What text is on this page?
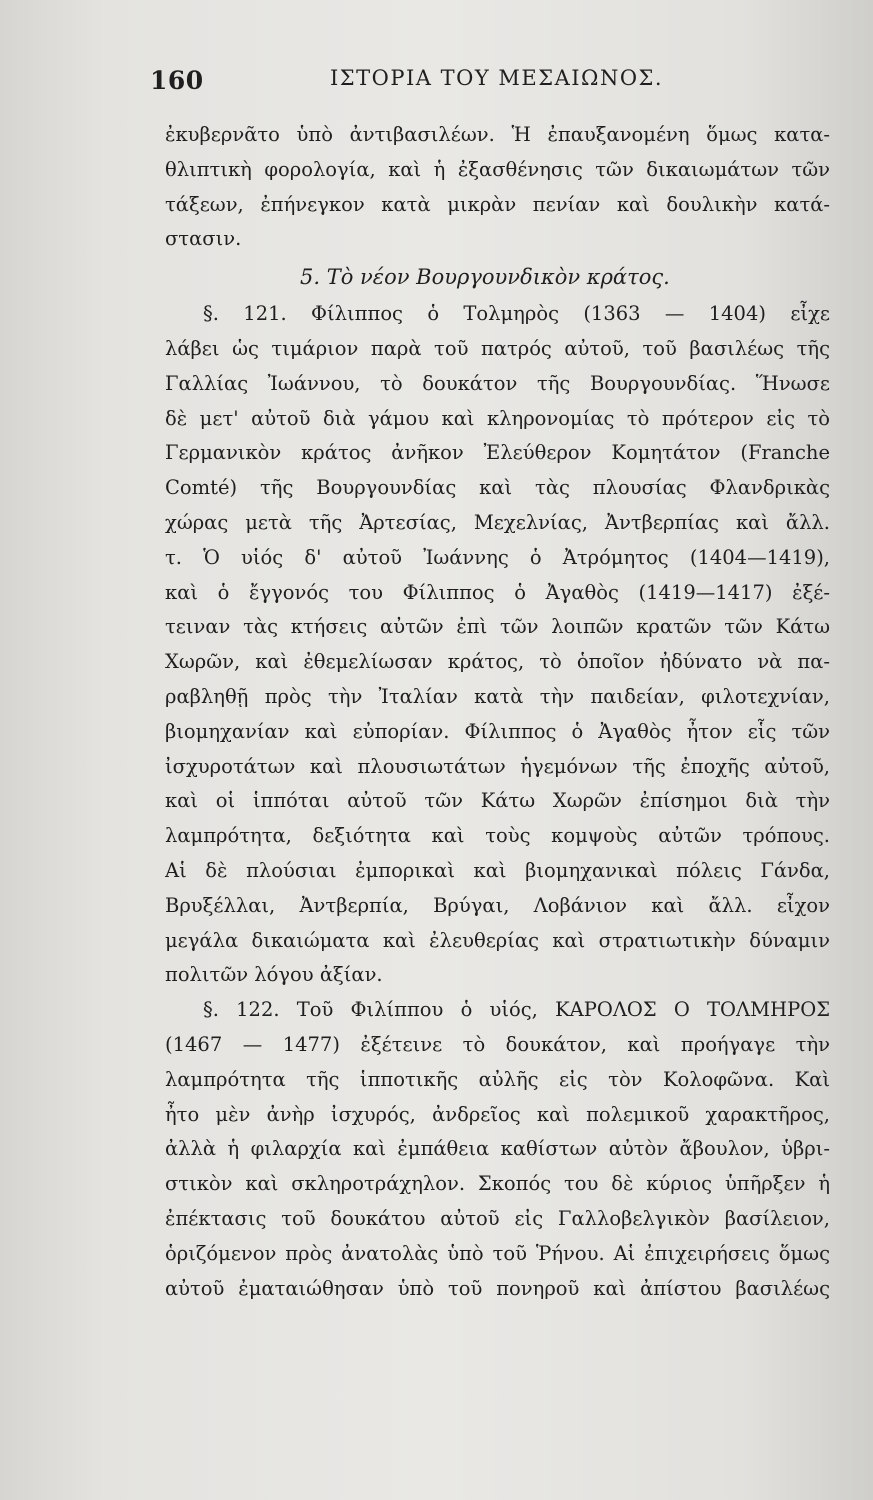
160	ΙΣΤΟΡΙΑ ΤΟΥ ΜΕΣΑΙΩΝΟΣ.
ἐκυβερνᾶτο ὑπὸ ἀντιβασιλέων. Ἡ ἐπαυξανομένη ὅμως κατα-
θλιπτικὴ φορολογία, καὶ ἡ ἐξασθένησις τῶν δικαιωμάτων τῶν
τάξεων, ἐπήνεγκον κατὰ μικρὰν πενίαν καὶ δουλικὴν κατά-
στασιν.
5. Τὸ νέον Βουργουνδικὸν κράτος.
§. 121. Φίλιππος ὁ Τολμηρὸς (1363 — 1404) εἶχε
λάβει ὡς τιμάριον παρὰ τοῦ πατρός αὐτοῦ, τοῦ βασιλέως τῆς
Γαλλίας Ἰωάννου, τὸ δουκάτον τῆς Βουργουνδίας. Ἥνωσε
δὲ μετ' αὐτοῦ διὰ γάμου καὶ κληρονομίας τὸ πρότερον εἰς τὸ
Γερμανικὸν κράτος ἀνῆκον Ἐλεύθερον Κομητάτον (Franche
Comté) τῆς Βουργουνδίας καὶ τὰς πλουσίας Φλανδρικὰς
χώρας μετὰ τῆς Ἀρτεσίας, Μεχελνίας, Ἀντβερπίας καὶ ἄλλ.
τ. Ὁ υἱός δ' αὐτοῦ Ἰωάννης ὁ Ἀτρόμητος (1404—1419),
καὶ ὁ ἔγγονός του Φίλιππος ὁ Ἀγαθὸς (1419—1417) ἐξέ-
τειναν τὰς κτήσεις αὐτῶν ἐπὶ τῶν λοιπῶν κρατῶν τῶν Κάτω
Χωρῶν, καὶ ἐθεμελίωσαν κράτος, τὸ ὁποῖον ἠδύνατο νὰ πα-
ραβληθῇ πρὸς τὴν Ἰταλίαν κατὰ τὴν παιδείαν, φιλοτεχνίαν,
βιομηχανίαν καὶ εὐπορίαν. Φίλιππος ὁ Ἀγαθὸς ἦτον εἷς τῶν
ἰσχυροτάτων καὶ πλουσιωτάτων ἡγεμόνων τῆς ἐποχῆς αὐτοῦ,
καὶ οἱ ἱππόται αὐτοῦ τῶν Κάτω Χωρῶν ἐπίσημοι διὰ τὴν
λαμπρότητα, δεξιότητα καὶ τοὺς κομψοὺς αὐτῶν τρόπους.
Αἱ δὲ πλούσιαι ἐμπορικαὶ καὶ βιομηχανικαὶ πόλεις Γάνδα,
Βρυξέλλαι, Ἀντβερπία, Βρύγαι, Λοβάνιον καὶ ἄλλ. εἶχον
μεγάλα δικαιώματα καὶ ἐλευθερίας καὶ στρατιωτικὴν δύναμιν
πολιτῶν λόγου ἀξίαν.
§. 122. Τοῦ Φιλίππου ὁ υἱός, ΚΑΡΟΛΟΣ Ο ΤΟΛΜΗΡΟΣ
(1467 — 1477) ἐξέτεινε τὸ δουκάτον, καὶ προήγαγε τὴν
λαμπρότητα τῆς ἱπποτικῆς αὐλῆς εἰς τὸν Κολοφῶνα. Καὶ
ἦτο μὲν ἀνὴρ ἰσχυρός, ἀνδρεῖος καὶ πολεμικοῦ χαρακτῆρος,
ἀλλὰ ἡ φιλαρχία καὶ ἐμπάθεια καθίστων αὐτὸν ἄβουλον, ὑβρι-
στικὸν καὶ σκληροτράχηλον. Σκοπός του δὲ κύριος ὑπῆρξεν ἡ
ἐπέκτασις τοῦ δουκάτου αὐτοῦ εἰς Γαλλοβελγικὸν βασίλειον,
ὁριζόμενον πρὸς ἀνατολὰς ὑπὸ τοῦ Ῥήνου. Αἱ ἐπιχειρήσεις ὅμως
αὐτοῦ ἐματαιώθησαν ὑπὸ τοῦ πονηροῦ καὶ ἀπίστου βασιλέως
